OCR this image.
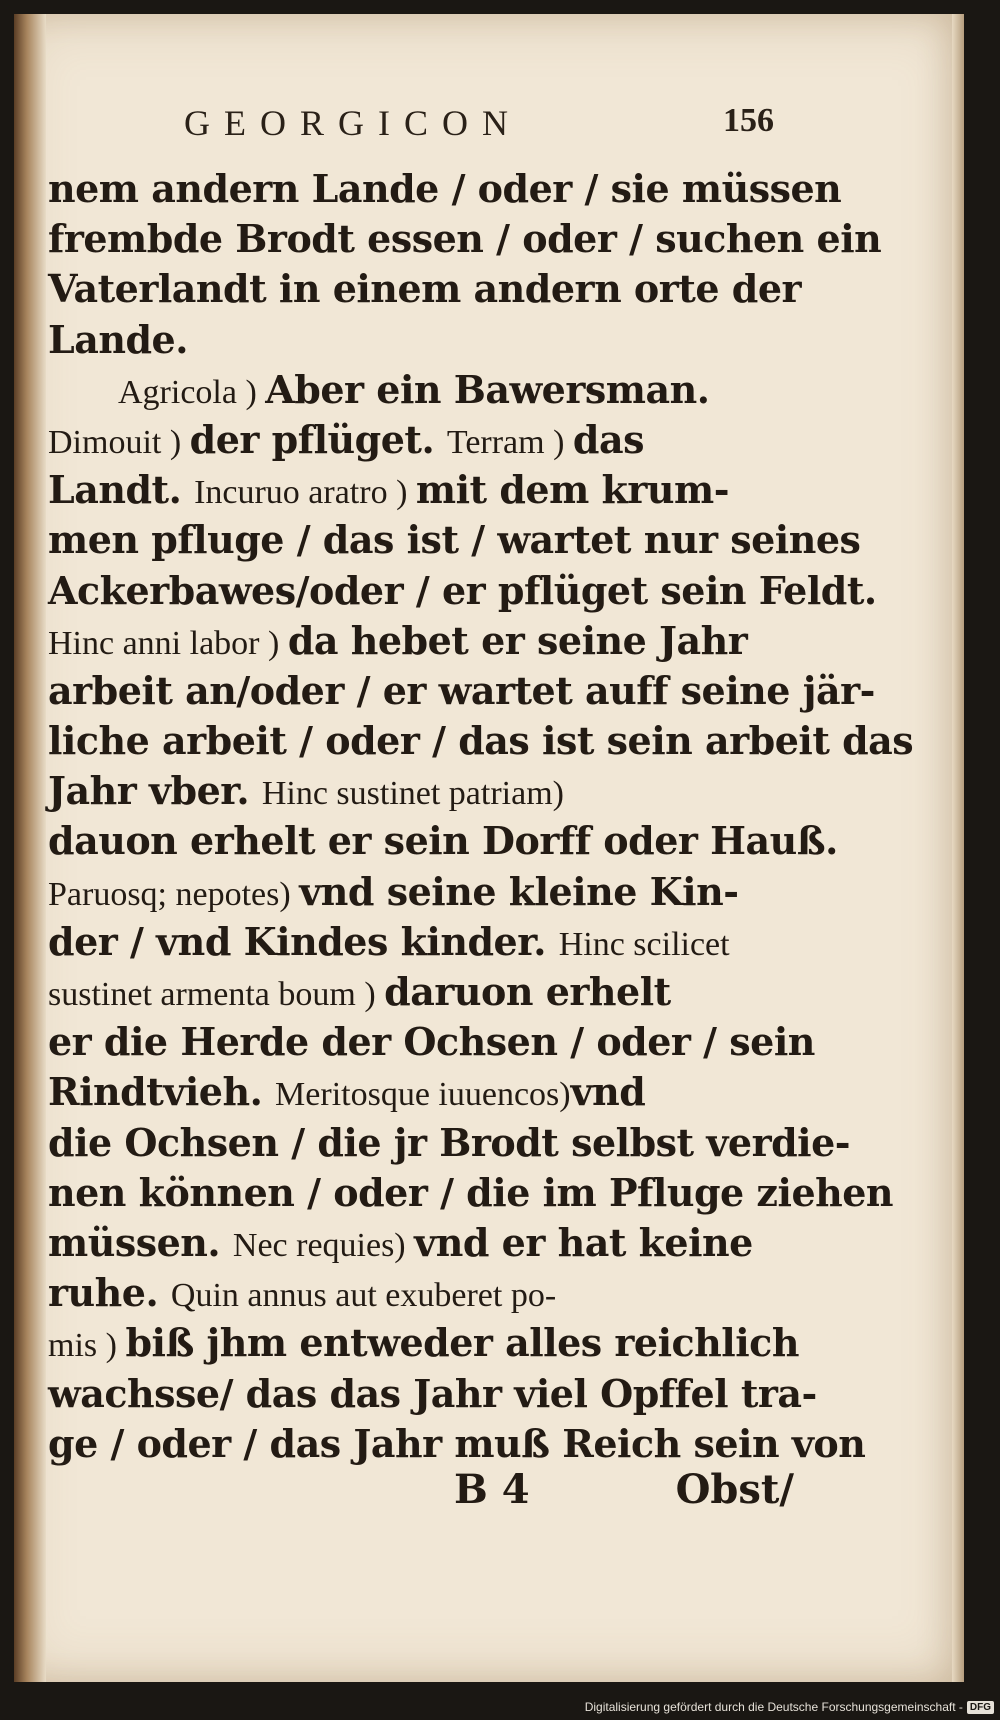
GEORGICON	156
nem andern Lande / oder / sie müssen
frembde Brodt essen / oder / suchen ein
Vaterlandt in einem andern orte der
Lande.
Agricola ) Aber ein Bawersman.
Dimouit ) der pflüget. Terram ) das
Landt. Incuruo aratro ) mit dem krum-
men pfluge / das ist / wartet nur seines
Ackerbawes/oder / er pflüget sein Feldt.
Hinc anni labor ) da hebet er seine Jahr
arbeit an/oder / er wartet auff seine jär-
liche arbeit / oder / das ist sein arbeit das
Jahr vber. Hinc sustinet patriam)
dauon erhelt er sein Dorff oder Hauß.
Paruosq; nepotes) vnd seine kleine Kin-
der / vnd Kindes kinder. Hinc scilicet
sustinet armenta boum ) daruon erhelt
er die Herde der Ochsen / oder / sein
Rindtvieh. Meritosque iuuencos)vnd
die Ochsen / die jr Brodt selbst verdie-
nen können / oder / die im Pfluge ziehen
müssen. Nec requies) vnd er hat keine
ruhe. Quin annus aut exuberet po-
mis ) biß jhm entweder alles reichlich
wachsse/ das das Jahr viel Opffel tra-
ge / oder / das Jahr muß Reich sein von
B 4	Obst/
Digitalisierung gefördert durch die Deutsche Forschungsgemeinschaft - DFG
